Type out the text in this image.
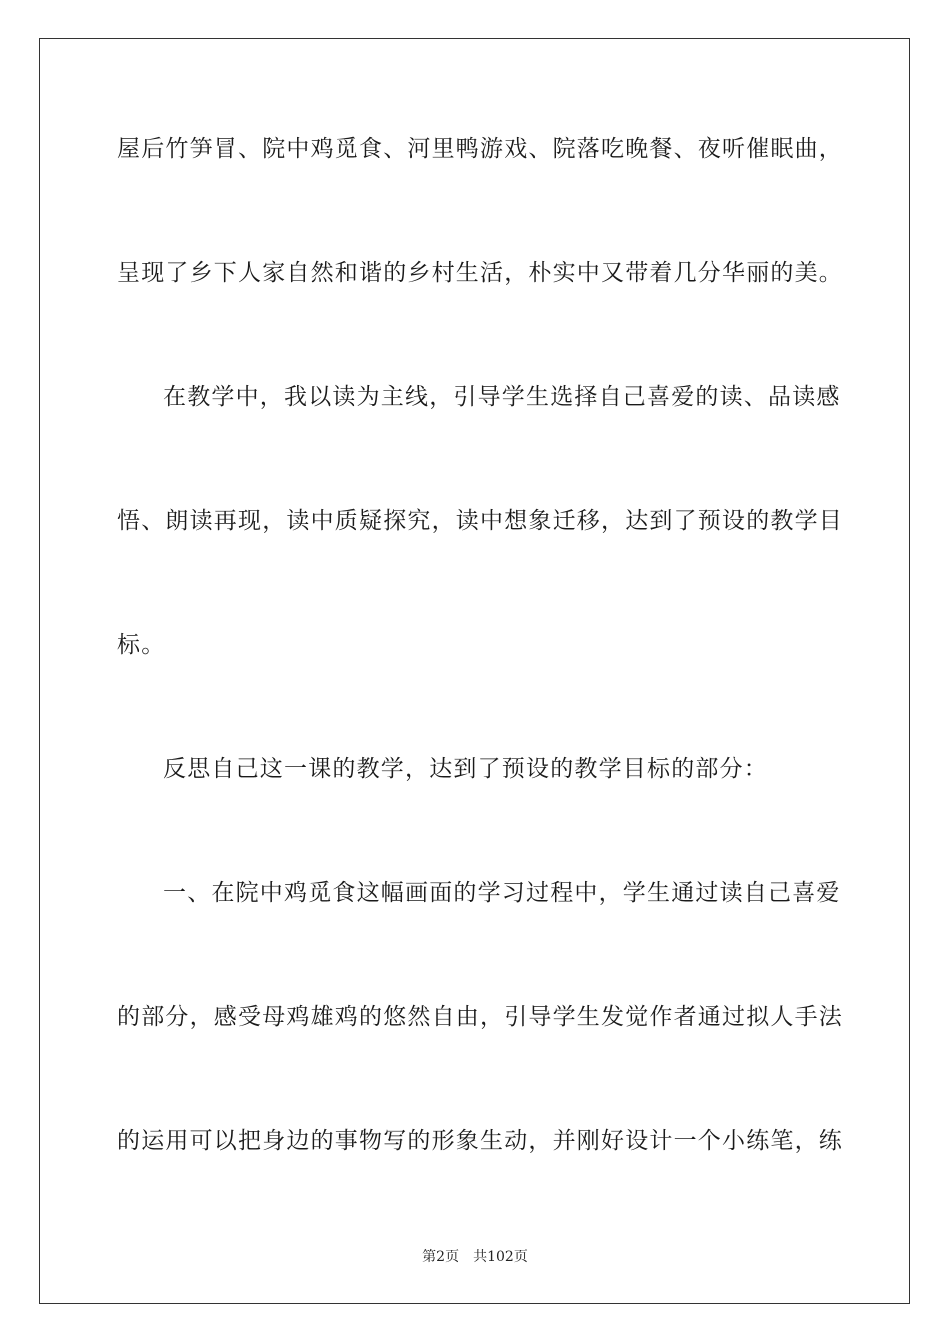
屋后竹笋冒、院中鸡觅食、河里鸭游戏、院落吃晚餐、夜听催眠曲，
呈现了乡下人家自然和谐的乡村生活，朴实中又带着几分华丽的美。
在教学中，我以读为主线，引导学生选择自己喜爱的读、品读感
悟、朗读再现，读中质疑探究，读中想象迁移，达到了预设的教学目
标。
反思自己这一课的教学，达到了预设的教学目标的部分：
一、在院中鸡觅食这幅画面的学习过程中，学生通过读自己喜爱
的部分，感受母鸡雄鸡的悠然自由，引导学生发觉作者通过拟人手法
的运用可以把身边的事物写的形象生动，并刚好设计一个小练笔，练
第2页 共102页
